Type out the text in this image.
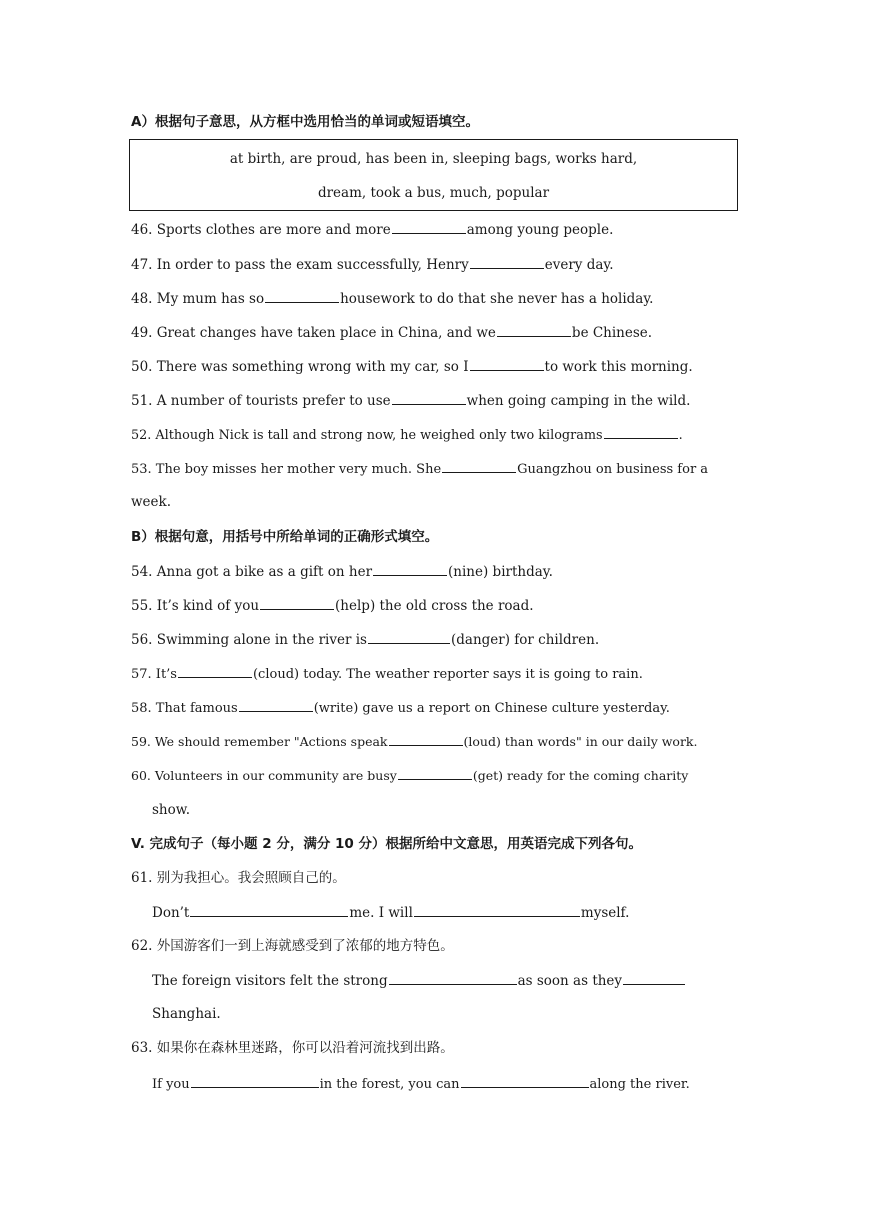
A）根据句子意思，从方框中选用恰当的单词或短语填空。
at birth, are proud, has been in, sleeping bags, works hard,
dream, took a bus, much, popular
46. Sports clothes are more and more	among young people.
47. In order to pass the exam successfully, Henry	every day.
48. My mum has so	housework to do that she never has a holiday.
49. Great changes have taken place in China, and we	be Chinese.
50. There was something wrong with my car, so I	to work this morning.
51. A number of tourists prefer to use	when going camping in the wild.
52. Although Nick is tall and strong now, he weighed only two kilograms	.
53. The boy misses her mother very much. She	Guangzhou on business for a
week.
B）根据句意，用括号中所给单词的正确形式填空。
54. Anna got a bike as a gift on her	(nine) birthday.
55. It’s kind of you	(help) the old cross the road.
56. Swimming alone in the river is	(danger) for children.
57. It’s	(cloud) today. The weather reporter says it is going to rain.
58. That famous	(write) gave us a report on Chinese culture yesterday.
59. We should remember "Actions speak	(loud) than words" in our daily work.
60. Volunteers in our community are busy	(get) ready for the coming charity
show.
V. 完成句子（每小题 2 分，满分 10 分）根据所给中文意思，用英语完成下列各句。
61. 别为我担心。我会照顾自己的。
Don’t	me. I will	myself.
62. 外国游客们一到上海就感受到了浓郁的地方特色。
The foreign visitors felt the strong	as soon as they
Shanghai.
63. 如果你在森林里迷路，你可以沿着河流找到出路。
If you	in the forest, you can	along the river.
